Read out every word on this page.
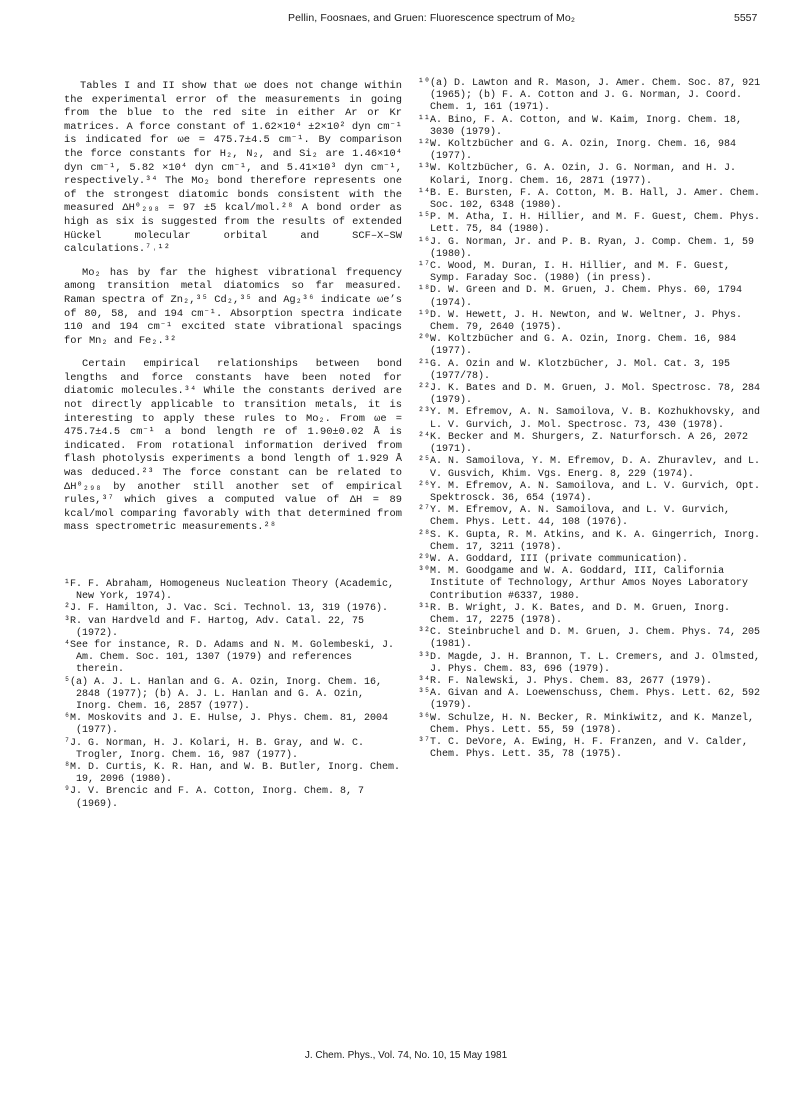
Pellin, Foosnaes, and Gruen: Fluorescence spectrum of Mo₂	5557

Tables I and II show that ωe does not change within the experimental error of the measurements in going from the blue to the red site in either Ar or Kr matrices. A force constant of 1.62×10⁴ ±2×10² dyn cm⁻¹ is indicated for ωe = 475.7±4.5 cm⁻¹. By comparison the force constants for H₂, N₂, and Si₂ are 1.46×10⁴ dyn cm⁻¹, 5.82 ×10⁴ dyn cm⁻¹, and 5.41×10³ dyn cm⁻¹, respectively.³⁴ The Mo₂ bond therefore represents one of the strongest diatomic bonds consistent with the measured ΔH⁰₂₉₈ = 97 ±5 kcal/mol.²⁸ A bond order as high as six is suggested from the results of extended Hückel molecular orbital and SCF–X–SW calculations.⁷˒¹²

Mo₂ has by far the highest vibrational frequency among transition metal diatomics so far measured. Raman spectra of Zn₂,³⁵ Cd₂,³⁵ and Ag₂³⁶ indicate ωe’s of 80, 58, and 194 cm⁻¹. Absorption spectra indicate 110 and 194 cm⁻¹ excited state vibrational spacings for Mn₂ and Fe₂.³²

Certain empirical relationships between bond lengths and force constants have been noted for diatomic molecules.³⁴ While the constants derived are not directly applicable to transition metals, it is interesting to apply these rules to Mo₂. From ωe = 475.7±4.5 cm⁻¹ a bond length re of 1.90±0.02 Å is indicated. From rotational information derived from flash photolysis experiments a bond length of 1.929 Å was deduced.²³ The force constant can be related to ΔH⁰₂₉₈ by another still another set of empirical rules,³⁷ which gives a computed value of ΔH = 89 kcal/mol comparing favorably with that determined from mass spectrometric measurements.²⁸

¹F. F. Abraham, Homogeneus Nucleation Theory (Academic, New York, 1974).
²J. F. Hamilton, J. Vac. Sci. Technol. 13, 319 (1976).
³R. van Hardveld and F. Hartog, Adv. Catal. 22, 75 (1972).
⁴See for instance, R. D. Adams and N. M. Golembeski, J. Am. Chem. Soc. 101, 1307 (1979) and references therein.
⁵(a) A. J. L. Hanlan and G. A. Ozin, Inorg. Chem. 16, 2848 (1977); (b) A. J. L. Hanlan and G. A. Ozin, Inorg. Chem. 16, 2857 (1977).
⁶M. Moskovits and J. E. Hulse, J. Phys. Chem. 81, 2004 (1977).
⁷J. G. Norman, H. J. Kolari, H. B. Gray, and W. C. Trogler, Inorg. Chem. 16, 987 (1977).
⁸M. D. Curtis, K. R. Han, and W. B. Butler, Inorg. Chem. 19, 2096 (1980).
⁹J. V. Brencic and F. A. Cotton, Inorg. Chem. 8, 7 (1969).
¹⁰(a) D. Lawton and R. Mason, J. Amer. Chem. Soc. 87, 921 (1965); (b) F. A. Cotton and J. G. Norman, J. Coord. Chem. 1, 161 (1971).
¹¹A. Bino, F. A. Cotton, and W. Kaim, Inorg. Chem. 18, 3030 (1979).
¹²W. Koltzbücher and G. A. Ozin, Inorg. Chem. 16, 984 (1977).
¹³W. Koltzbücher, G. A. Ozin, J. G. Norman, and H. J. Kolari, Inorg. Chem. 16, 2871 (1977).
¹⁴B. E. Bursten, F. A. Cotton, M. B. Hall, J. Amer. Chem. Soc. 102, 6348 (1980).
¹⁵P. M. Atha, I. H. Hillier, and M. F. Guest, Chem. Phys. Lett. 75, 84 (1980).
¹⁶J. G. Norman, Jr. and P. B. Ryan, J. Comp. Chem. 1, 59 (1980).
¹⁷C. Wood, M. Duran, I. H. Hillier, and M. F. Guest, Symp. Faraday Soc. (1980) (in press).
¹⁸D. W. Green and D. M. Gruen, J. Chem. Phys. 60, 1794 (1974).
¹⁹D. W. Hewett, J. H. Newton, and W. Weltner, J. Phys. Chem. 79, 2640 (1975).
²⁰W. Koltzbücher and G. A. Ozin, Inorg. Chem. 16, 984 (1977).
²¹G. A. Ozin and W. Klotzbücher, J. Mol. Cat. 3, 195 (1977/78).
²²J. K. Bates and D. M. Gruen, J. Mol. Spectrosc. 78, 284 (1979).
²³Y. M. Efremov, A. N. Samoilova, V. B. Kozhukhovsky, and L. V. Gurvich, J. Mol. Spectrosc. 73, 430 (1978).
²⁴K. Becker and M. Shurgers, Z. Naturforsch. A 26, 2072 (1971).
²⁵A. N. Samoilova, Y. M. Efremov, D. A. Zhuravlev, and L. V. Gusvich, Khim. Vgs. Energ. 8, 229 (1974).
²⁶Y. M. Efremov, A. N. Samoilova, and L. V. Gurvich, Opt. Spektrosck. 36, 654 (1974).
²⁷Y. M. Efremov, A. N. Samoilova, and L. V. Gurvich, Chem. Phys. Lett. 44, 108 (1976).
²⁸S. K. Gupta, R. M. Atkins, and K. A. Gingerrich, Inorg. Chem. 17, 3211 (1978).
²⁹W. A. Goddard, III (private communication).
³⁰M. M. Goodgame and W. A. Goddard, III, California Institute of Technology, Arthur Amos Noyes Laboratory Contribution #6337, 1980.
³¹R. B. Wright, J. K. Bates, and D. M. Gruen, Inorg. Chem. 17, 2275 (1978).
³²C. Steinbruchel and D. M. Gruen, J. Chem. Phys. 74, 205 (1981).
³³D. Magde, J. H. Brannon, T. L. Cremers, and J. Olmsted, J. Phys. Chem. 83, 696 (1979).
³⁴R. F. Nalewski, J. Phys. Chem. 83, 2677 (1979).
³⁵A. Givan and A. Loewenschuss, Chem. Phys. Lett. 62, 592 (1979).
³⁶W. Schulze, H. N. Becker, R. Minkiwitz, and K. Manzel, Chem. Phys. Lett. 55, 59 (1978).
³⁷T. C. DeVore, A. Ewing, H. F. Franzen, and V. Calder, Chem. Phys. Lett. 35, 78 (1975).
J. Chem. Phys., Vol. 74, No. 10, 15 May 1981
